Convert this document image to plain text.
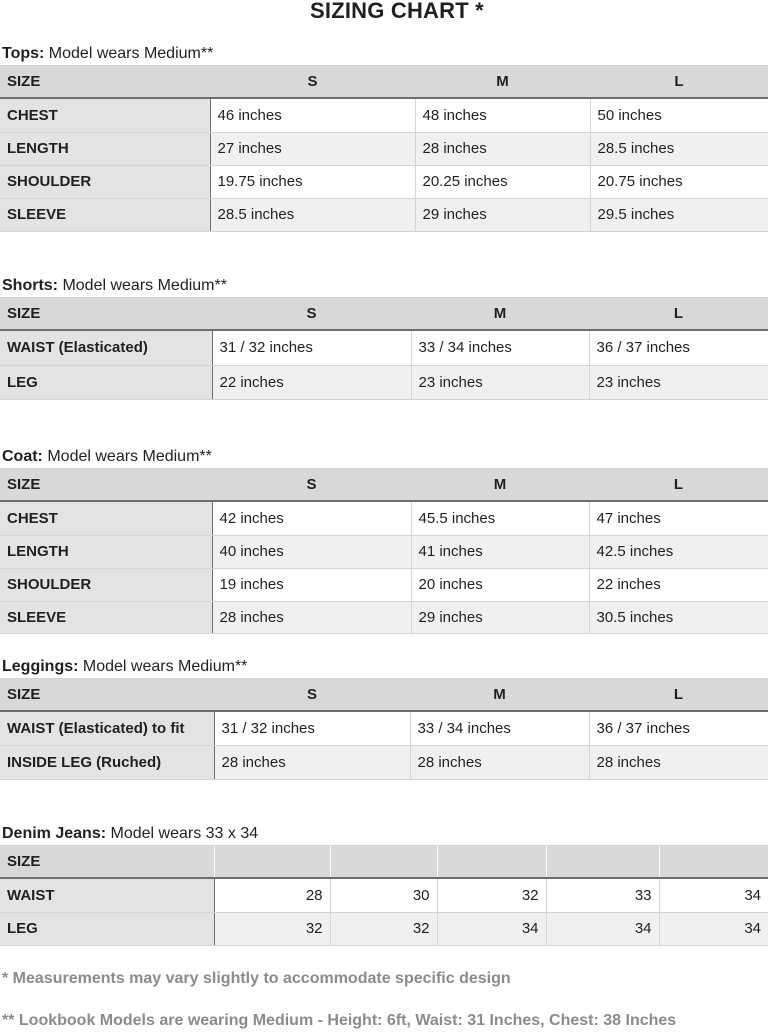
SIZING CHART *
Tops: Model wears Medium**
SIZE	S	M	L
CHEST	46 inches	48 inches	50 inches
LENGTH	27 inches	28 inches	28.5 inches
SHOULDER	19.75 inches	20.25 inches	20.75 inches
SLEEVE	28.5 inches	29 inches	29.5 inches
Shorts: Model wears Medium**
SIZE	S	M	L
WAIST (Elasticated)	31 / 32 inches	33 / 34 inches	36 / 37 inches
LEG	22 inches	23 inches	23 inches
Coat: Model wears Medium**
SIZE	S	M	L
CHEST	42 inches	45.5 inches	47 inches
LENGTH	40 inches	41 inches	42.5 inches
SHOULDER	19 inches	20 inches	22 inches
SLEEVE	28 inches	29 inches	30.5 inches
Leggings: Model wears Medium**
SIZE	S	M	L
WAIST (Elasticated) to fit	31 / 32 inches	33 / 34 inches	36 / 37 inches
INSIDE LEG (Ruched)	28 inches	28 inches	28 inches
Denim Jeans: Model wears 33 x 34
SIZE					
WAIST	28	30	32	33	34
LEG	32	32	34	34	34
* Measurements may vary slightly to accommodate specific design
** Lookbook Models are wearing Medium - Height: 6ft, Waist: 31 Inches, Chest: 38 Inches
